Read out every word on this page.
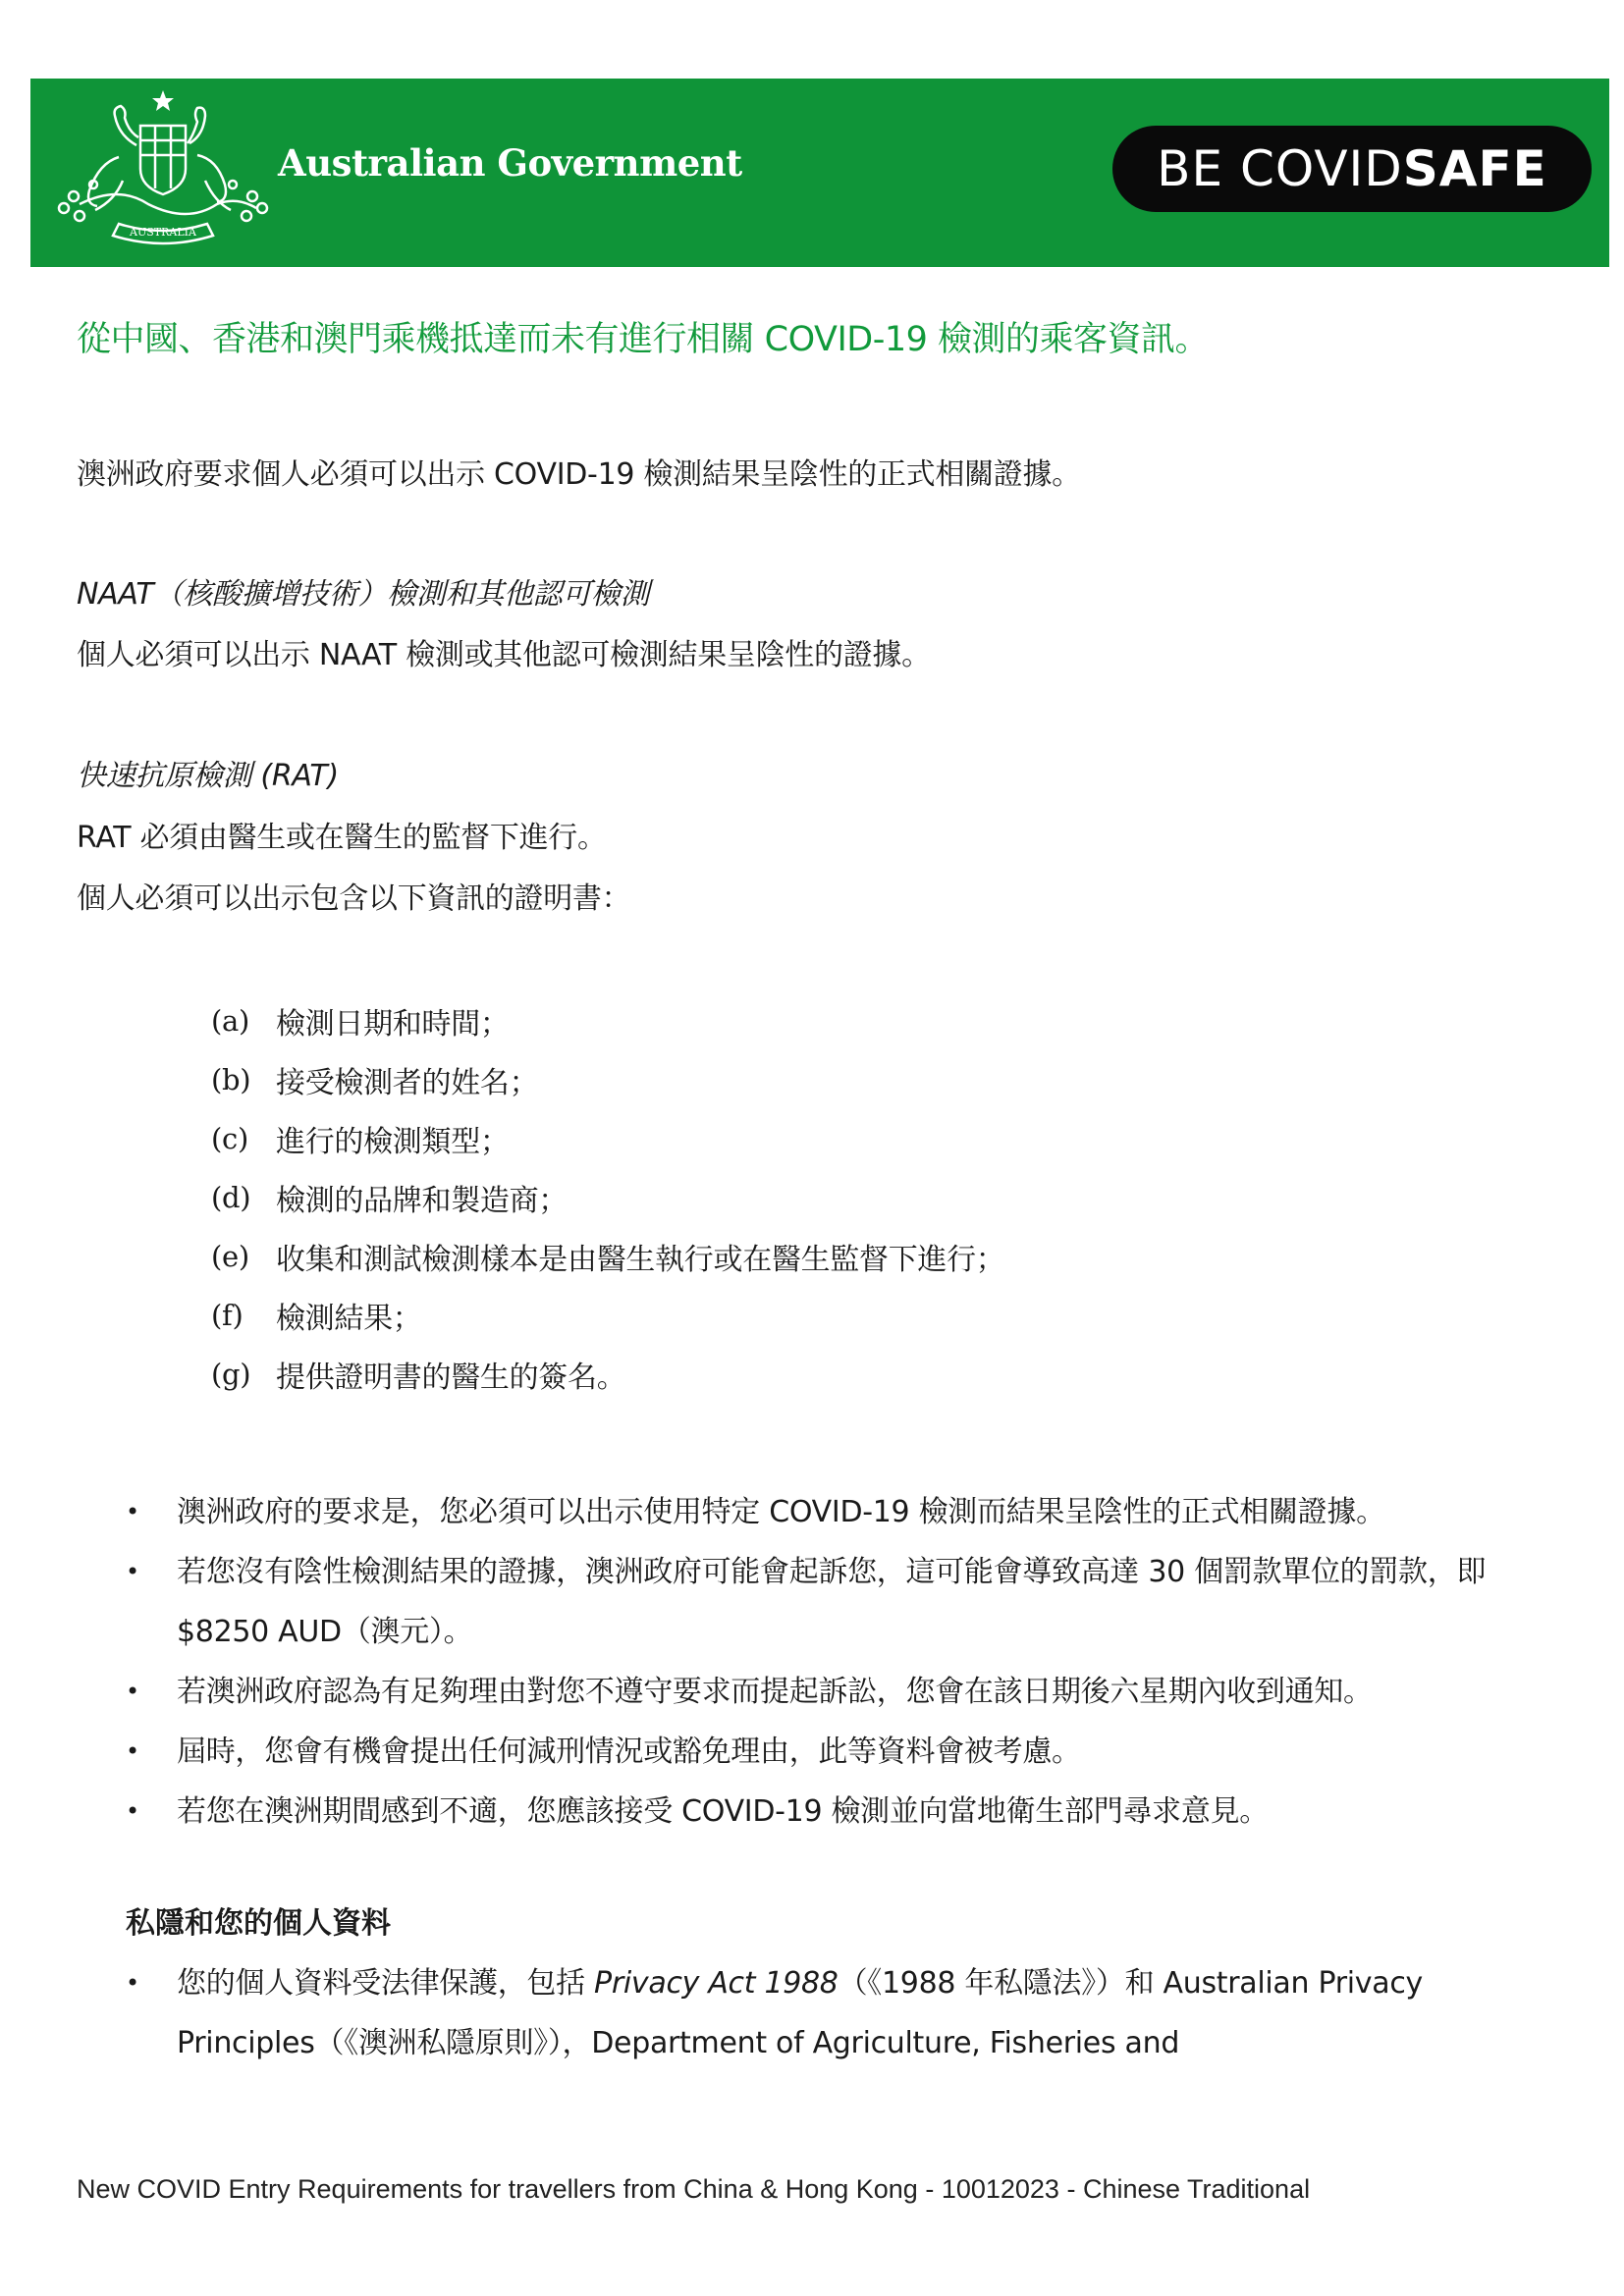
AUSTRALIA
Australian Government	BE COVID SAFE
從中國、香港和澳門乘機抵達而未有進行相關 COVID-19 檢測的乘客資訊。
澳洲政府要求個人必須可以出示 COVID-19 檢測結果呈陰性的正式相關證據。
NAAT（核酸擴增技術）檢測和其他認可檢測
個人必須可以出示 NAAT 檢測或其他認可檢測結果呈陰性的證據。
快速抗原檢測 (RAT)
RAT 必須由醫生或在醫生的監督下進行。
個人必須可以出示包含以下資訊的證明書：
(a) 檢測日期和時間；
(b) 接受檢測者的姓名；
(c) 進行的檢測類型；
(d) 檢測的品牌和製造商；
(e) 收集和測試檢測樣本是由醫生執行或在醫生監督下進行；
(f)	檢測結果；
(g) 提供證明書的醫生的簽名。
• 澳洲政府的要求是，您必須可以出示使用特定 COVID-19 檢測而結果呈陰性的正式相關證據。
• 若您沒有陰性檢測結果的證據，澳洲政府可能會起訴您，這可能會導致高達 30 個罰款單位的罰款，即 $8250 AUD（澳元）。
• 若澳洲政府認為有足夠理由對您不遵守要求而提起訴訟，您會在該日期後六星期內收到通知。
• 屆時，您會有機會提出任何減刑情況或豁免理由，此等資料會被考慮。
• 若您在澳洲期間感到不適，您應該接受 COVID-19 檢測並向當地衛生部門尋求意見。
私隱和您的個人資料
• 您的個人資料受法律保護，包括 Privacy Act 1988（《1988 年私隱法》）和 Australian Privacy Principles（《澳洲私隱原則》），Department of Agriculture, Fisheries and
New COVID Entry Requirements for travellers from China & Hong Kong - 10012023 - Chinese Traditional
